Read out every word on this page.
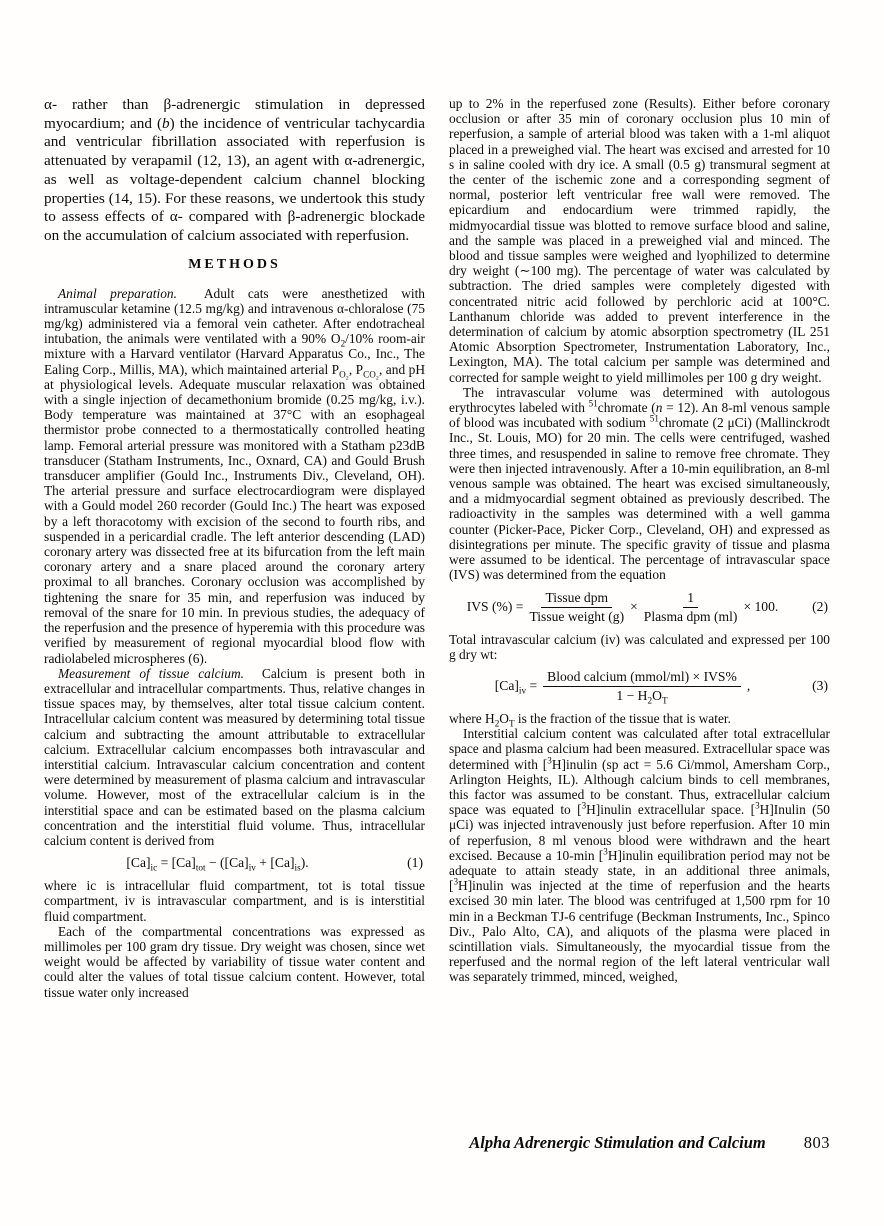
α- rather than β-adrenergic stimulation in depressed myocardium; and (b) the incidence of ventricular tachycardia and ventricular fibrillation associated with reperfusion is attenuated by verapamil (12, 13), an agent with α-adrenergic, as well as voltage-dependent calcium channel blocking properties (14, 15). For these reasons, we undertook this study to assess effects of α- compared with β-adrenergic blockade on the accumulation of calcium associated with reperfusion.

METHODS

Animal preparation.  Adult cats were anesthetized with intramuscular ketamine (12.5 mg/kg) and intravenous α-chloralose (75 mg/kg) administered via a femoral vein catheter. After endotracheal intubation, the animals were ventilated with a 90% $O_2/10\%$ room-air mixture with a Harvard ventilator (Harvard Apparatus Co., Inc., The Ealing Corp., Millis, MA), which maintained arterial $P_{O_2}$, $P_{CO_2}$, and pH at physiological levels. Adequate muscular relaxation was obtained with a single injection of decamethonium bromide (0.25 mg/kg, i.v.). Body temperature was maintained at 37°C with an esophageal thermistor probe connected to a thermostatically controlled heating lamp. Femoral arterial pressure was monitored with a Statham p23dB transducer (Statham Instruments, Inc., Oxnard, CA) and Gould Brush transducer amplifier (Gould Inc., Instruments Div., Cleveland, OH). The arterial pressure and surface electrocardiogram were displayed with a Gould model 260 recorder (Gould Inc.) The heart was exposed by a left thoracotomy with excision of the second to fourth ribs, and suspended in a pericardial cradle. The left anterior descending (LAD) coronary artery was dissected free at its bifurcation from the left main coronary artery and a snare placed around the coronary artery proximal to all branches. Coronary occlusion was accomplished by tightening the snare for 35 min, and reperfusion was induced by removal of the snare for 10 min. In previous studies, the adequacy of the reperfusion and the presence of hyperemia with this procedure was verified by measurement of regional myocardial blood flow with radiolabeled microspheres (6).

Measurement of tissue calcium.  Calcium is present both in extracellular and intracellular compartments. Thus, relative changes in tissue spaces may, by themselves, alter total tissue calcium content. Intracellular calcium content was measured by determining total tissue calcium and subtracting the amount attributable to extracellular calcium. Extracellular calcium encompasses both intravascular and interstitial calcium. Intravascular calcium concentration and content were determined by measurement of plasma calcium and intravascular volume. However, most of the extracellular calcium is in the interstitial space and can be estimated based on the plasma calcium concentration and the interstitial fluid volume. Thus, intracellular calcium content is derived from

$[Ca]_{ic} = [Ca]_{tot} - ([Ca]_{iv} + [Ca]_{is})$.	(1)

where ic is intracellular fluid compartment, tot is total tissue compartment, iv is intravascular compartment, and is is interstitial fluid compartment.

Each of the compartmental concentrations was expressed as millimoles per 100 gram dry tissue. Dry weight was chosen, since wet weight would be affected by variability of tissue water content and could alter the values of total tissue calcium content. However, total tissue water only increased

up to 2% in the reperfused zone (Results). Either before coronary occlusion or after 35 min of coronary occlusion plus 10 min of reperfusion, a sample of arterial blood was taken with a 1-ml aliquot placed in a preweighed vial. The heart was excised and arrested for 10 s in saline cooled with dry ice. A small (0.5 g) transmural segment at the center of the ischemic zone and a corresponding segment of normal, posterior left ventricular free wall were removed. The epicardium and endocardium were trimmed rapidly, the midmyocardial tissue was blotted to remove surface blood and saline, and the sample was placed in a preweighed vial and minced. The blood and tissue samples were weighed and lyophilized to determine dry weight (∼100 mg). The percentage of water was calculated by subtraction. The dried samples were completely digested with concentrated nitric acid followed by perchloric acid at 100°C. Lanthanum chloride was added to prevent interference in the determination of calcium by atomic absorption spectrometry (IL 251 Atomic Absorption Spectrometer, Instrumentation Laboratory, Inc., Lexington, MA). The total calcium per sample was determined and corrected for sample weight to yield millimoles per 100 g dry weight.

The intravascular volume was determined with autologous erythrocytes labeled with $^{51}$chromate (n = 12). An 8-ml venous sample of blood was incubated with sodium $^{51}$chromate (2 μCi) (Mallinckrodt Inc., St. Louis, MO) for 20 min. The cells were centrifuged, washed three times, and resuspended in saline to remove free chromate. They were then injected intravenously. After a 10-min equilibration, an 8-ml venous sample was obtained. The heart was excised simultaneously, and a midmyocardial segment obtained as previously described. The radioactivity in the samples was determined with a well gamma counter (Picker-Pace, Picker Corp., Cleveland, OH) and expressed as disintegrations per minute. The specific gravity of tissue and plasma were assumed to be identical. The percentage of intravascular space (IVS) was determined from the equation

IVS (%) = $\frac{\text{Tissue dpm}}{\text{Tissue weight (g)}} \times \frac{1}{\text{Plasma dpm (ml)}} \times 100$. (2)

Total intravascular calcium (iv) was calculated and expressed per 100 g dry wt:

$[Ca]_{iv} = \frac{\text{Blood calcium (mmol/ml) × IVS\%}}{1 - H_2O_T}$ ,	(3)

where $H_2O_T$ is the fraction of the tissue that is water.

Interstitial calcium content was calculated after total extracellular space and plasma calcium had been measured. Extracellular space was determined with [$^3$H]inulin (sp act = 5.6 Ci/mmol, Amersham Corp., Arlington Heights, IL). Although calcium binds to cell membranes, this factor was assumed to be constant. Thus, extracellular calcium space was equated to [$^3$H]inulin extracellular space. [$^3$H]Inulin (50 μCi) was injected intravenously just before reperfusion. After 10 min of reperfusion, 8 ml venous blood were withdrawn and the heart excised. Because a 10-min [$^3$H]inulin equilibration period may not be adequate to attain steady state, in an additional three animals, [$^3$H]inulin was injected at the time of reperfusion and the hearts excised 30 min later. The blood was centrifuged at 1,500 rpm for 10 min in a Beckman TJ-6 centrifuge (Beckman Instruments, Inc., Spinco Div., Palo Alto, CA), and aliquots of the plasma were placed in scintillation vials. Simultaneously, the myocardial tissue from the reperfused and the normal region of the left lateral ventricular wall was separately trimmed, minced, weighed,

Alpha Adrenergic Stimulation and Calcium 803
